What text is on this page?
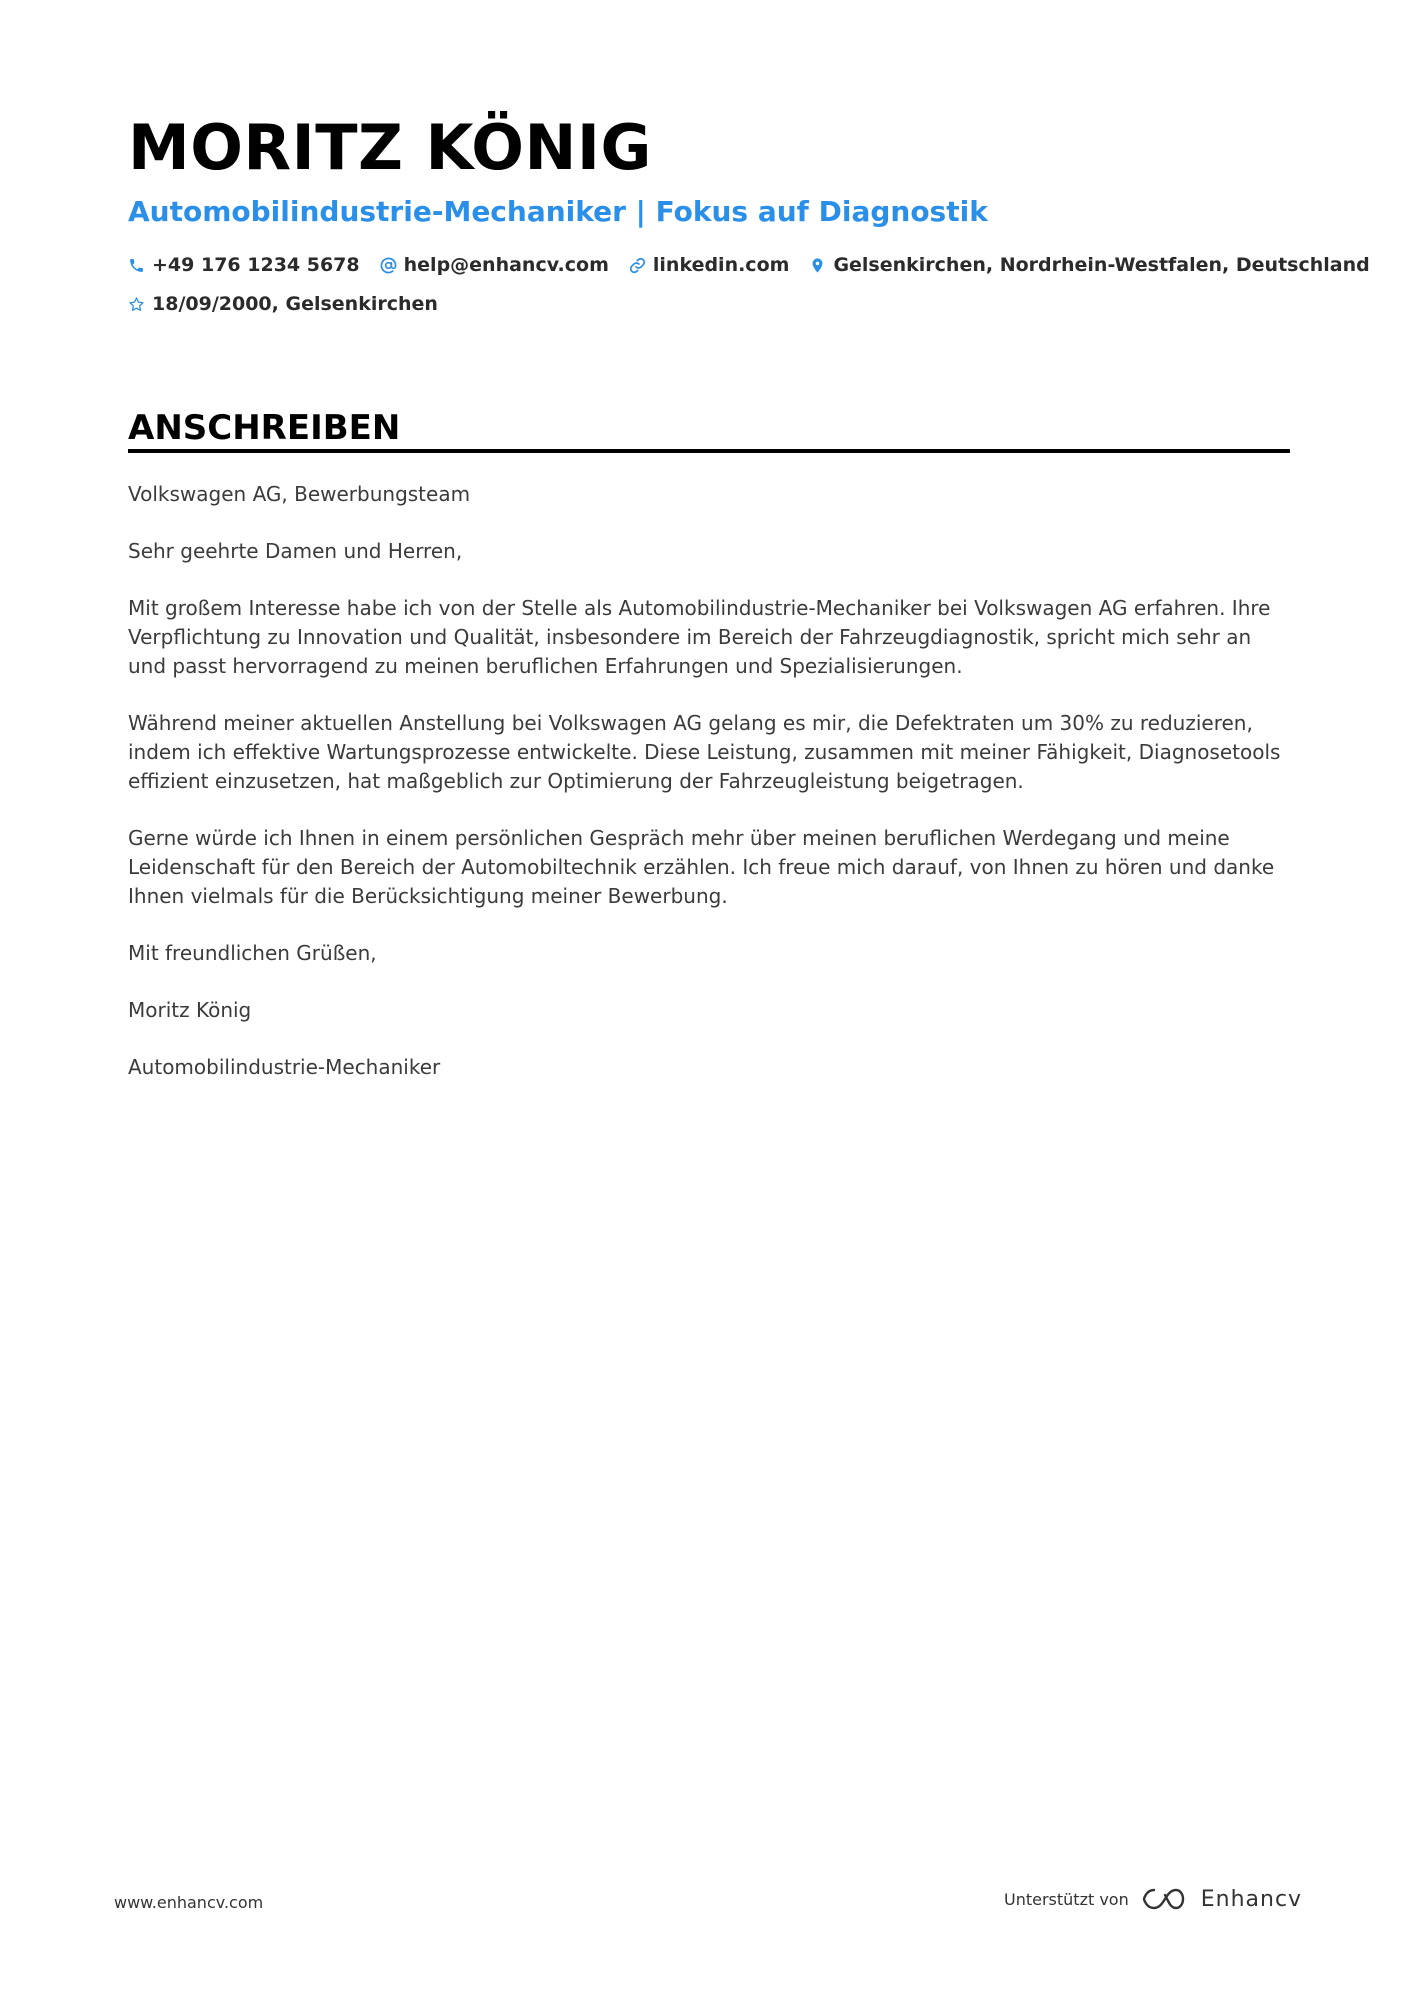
MORITZ KÖNIG
Automobilindustrie-Mechaniker | Fokus auf Diagnostik
+49 176 1234 5678 help@enhancv.com linkedin.com Gelsenkirchen, Nordrhein-Westfalen, Deutschland
18/09/2000, Gelsenkirchen
ANSCHREIBEN

Volkswagen AG, Bewerbungsteam

Sehr geehrte Damen und Herren,

Mit großem Interesse habe ich von der Stelle als Automobilindustrie-Mechaniker bei Volkswagen AG erfahren. Ihre Verpflichtung zu Innovation und Qualität, insbesondere im Bereich der Fahrzeugdiagnostik, spricht mich sehr an und passt hervorragend zu meinen beruflichen Erfahrungen und Spezialisierungen.

Während meiner aktuellen Anstellung bei Volkswagen AG gelang es mir, die Defektraten um 30% zu reduzieren, indem ich effektive Wartungsprozesse entwickelte. Diese Leistung, zusammen mit meiner Fähigkeit, Diagnosetools effizient einzusetzen, hat maßgeblich zur Optimierung der Fahrzeugleistung beigetragen.

Gerne würde ich Ihnen in einem persönlichen Gespräch mehr über meinen beruflichen Werdegang und meine Leidenschaft für den Bereich der Automobiltechnik erzählen. Ich freue mich darauf, von Ihnen zu hören und danke Ihnen vielmals für die Berücksichtigung meiner Bewerbung.

Mit freundlichen Grüßen,

Moritz König

Automobilindustrie-Mechaniker

www.enhancv.com	Unterstützt von	Enhancv
